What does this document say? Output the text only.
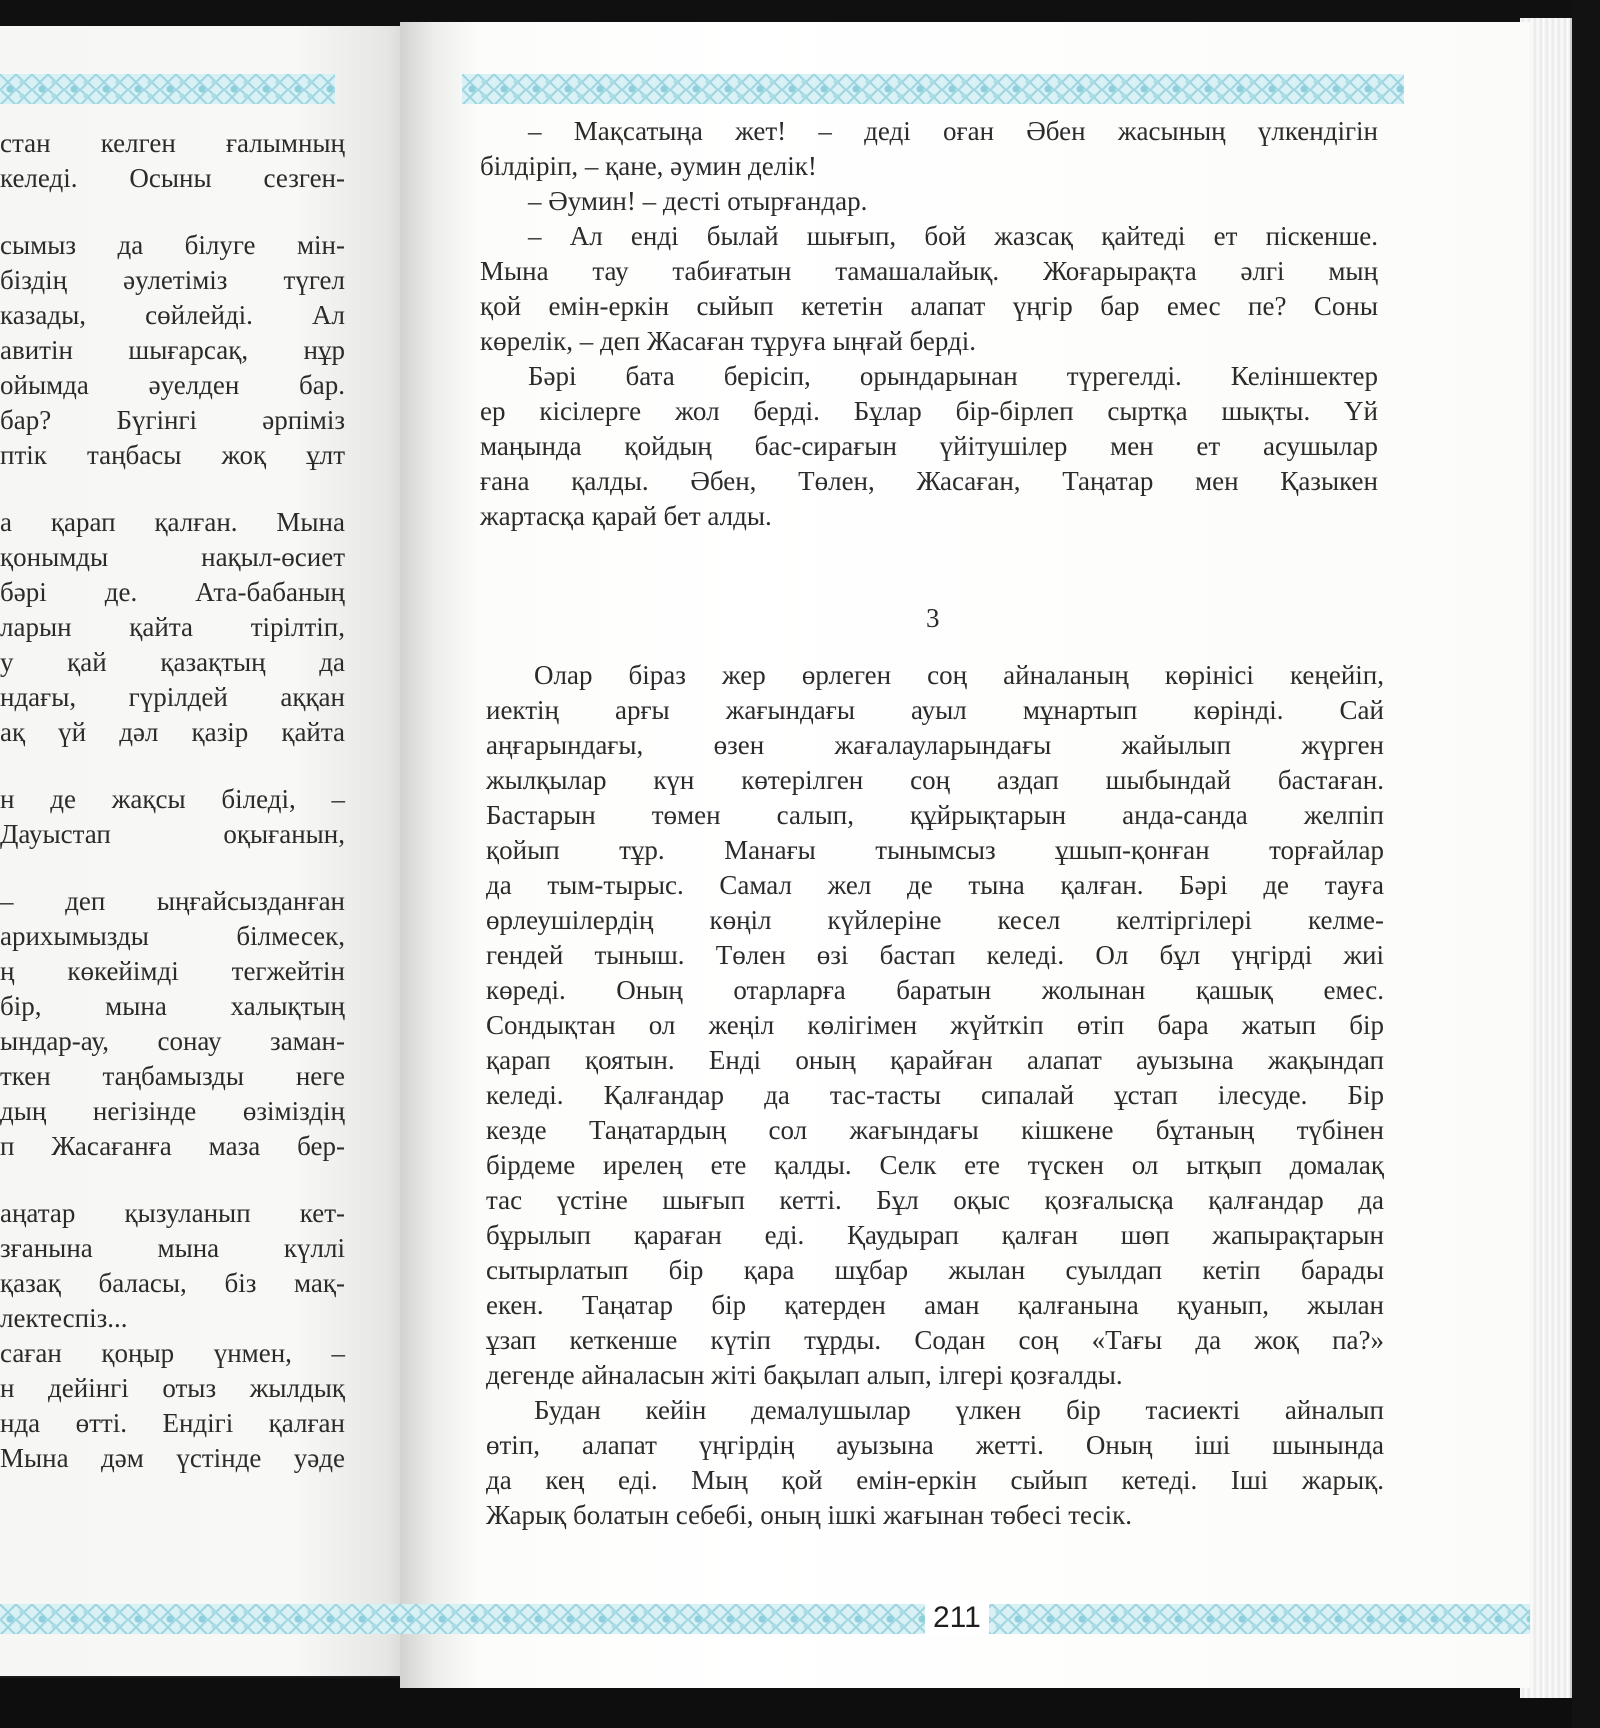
стан келген ғалымның
келеді. Осыны сезген-
сымыз да білуге мін-
біздің әулетіміз түгел
казады, сөйлейді. Ал
авитін шығарсақ, нұр
ойымда әуелден бар.
бар? Бүгінгі әрпіміз
птік таңбасы жоқ ұлт
а қарап қалған. Мына
қонымды нақыл-өсиет
бәрі де. Ата-бабаның
ларын қайта тірілтіп,
у қай қазақтың да
ндағы, гүрілдей аққан
ақ үй дәл қазір қайта
н де жақсы біледі, –
Дауыстап оқығанын,
– деп ыңғайсызданған
арихымызды білмесек,
ң көкейімді тегжейтін
бір, мына халықтың
ындар-ау, сонау заман-
ткен таңбамызды неге
дың негізінде өзіміздің
п Жасағанға маза бер-
аңатар қызуланып кет-
зғанына мына күллі
қазақ баласы, біз мақ-
лектеспіз...
саған қоңыр үнмен, –
н дейінгі отыз жылдық
нда өтті. Ендігі қалған
Мына дәм үстінде уәде
– Мақсатыңа жет! – деді оған Әбен жасының үлкендігін
білдіріп, – қане, әумин делік!
– Әумин! – десті отырғандар.
– Ал енді былай шығып, бой жазсақ қайтеді ет піскенше.
Мына тау табиғатын тамашалайық. Жоғарырақта әлгі мың
қой емін-еркін сыйып кететін алапат үңгір бар емес пе? Соны
көрелік, – деп Жасаған тұруға ыңғай берді.
Бәрі бата берісіп, орындарынан түрегелді. Келіншектер
ер кісілерге жол берді. Бұлар бір-бірлеп сыртқа шықты. Үй
маңында қойдың бас-сирағын үйітушілер мен ет асушылар
ғана қалды. Әбен, Төлен, Жасаған, Таңатар мен Қазыкен
жартасқа қарай бет алды.
Олар біраз жер өрлеген соң айналаның көрінісі кеңейіп,
иектің арғы жағындағы ауыл мұнартып көрінді. Сай
аңғарындағы, өзен жағалауларындағы жайылып жүрген
жылқылар күн көтерілген соң аздап шыбындай бастаған.
Бастарын төмен салып, құйрықтарын анда-санда желпіп
қойып тұр. Манағы тынымсыз ұшып-қонған торғайлар
да тым-тырыс. Самал жел де тына қалған. Бәрі де тауға
өрлеушілердің көңіл күйлеріне кесел келтіргілері келме-
гендей тыныш. Төлен өзі бастап келеді. Ол бұл үңгірді жиі
көреді. Оның отарларға баратын жолынан қашық емес.
Сондықтан ол жеңіл көлігімен жүйткіп өтіп бара жатып бір
қарап қоятын. Енді оның қарайған алапат ауызына жақындап
келеді. Қалғандар да тас-тасты сипалай ұстап ілесуде. Бір
кезде Таңатардың сол жағындағы кішкене бұтаның түбінен
бірдеме ирелең ете қалды. Селк ете түскен ол ытқып домалақ
тас үстіне шығып кетті. Бұл оқыс қозғалысқа қалғандар да
бұрылып қараған еді. Қаудырап қалған шөп жапырақтарын
сытырлатып бір қара шұбар жылан суылдап кетіп барады
екен. Таңатар бір қатерден аман қалғанына қуанып, жылан
ұзап кеткенше күтіп тұрды. Содан соң «Тағы да жоқ па?»
дегенде айналасын жіті бақылап алып, ілгері қозғалды.
Будан кейін демалушылар үлкен бір тасиекті айналып
өтіп, алапат үңгірдің ауызына жетті. Оның іші шынында
да кең еді. Мың қой емін-еркін сыйып кетеді. Іші жарық.
Жарық болатын себебі, оның ішкі жағынан төбесі тесік.
3
211
